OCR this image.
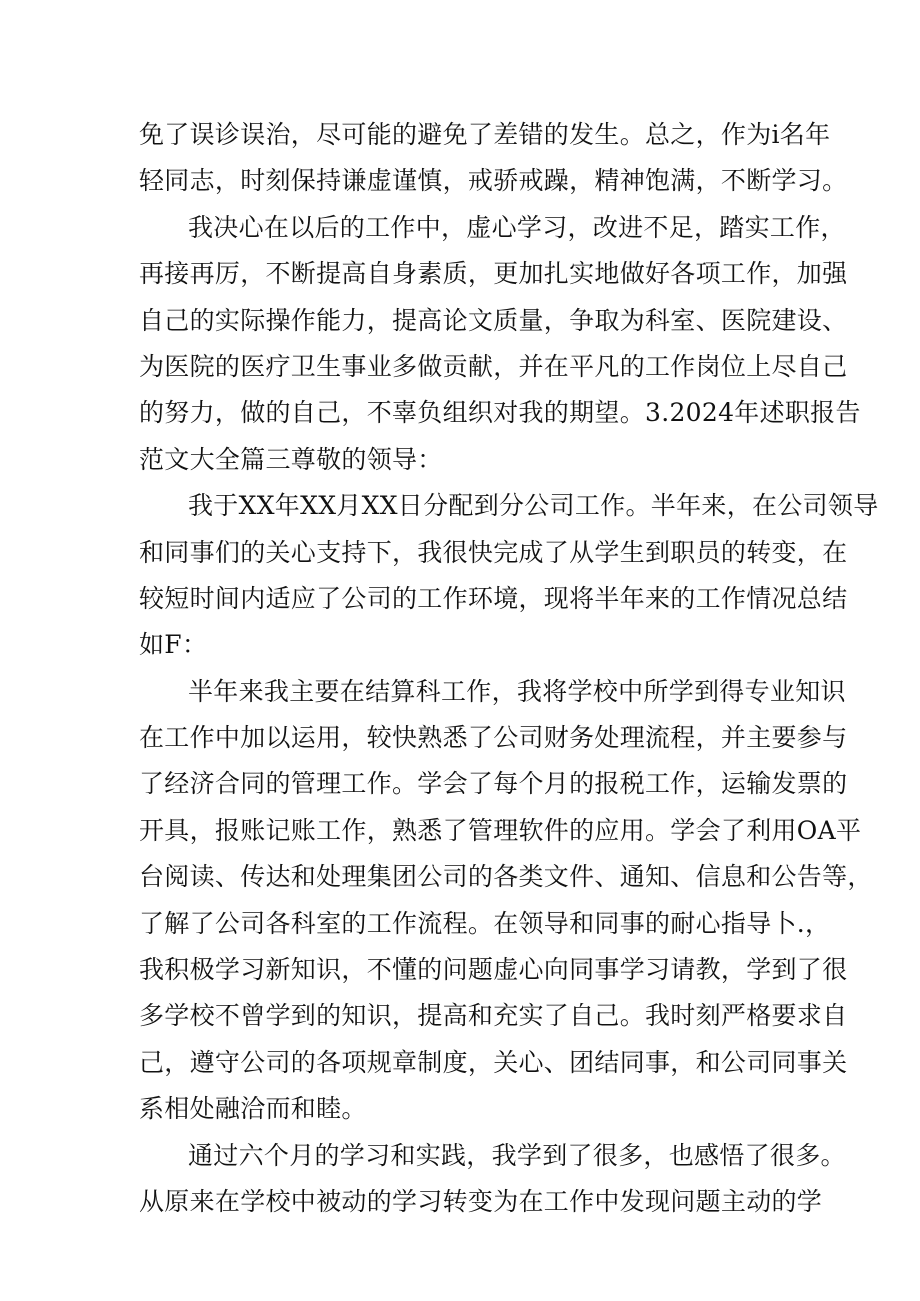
免了误诊误治，尽可能的避免了差错的发生。总之，作为i名年
轻同志，时刻保持谦虚谨慎，戒骄戒躁，精神饱满，不断学习。
我决心在以后的工作中，虚心学习，改进不足，踏实工作，
再接再厉，不断提高自身素质，更加扎实地做好各项工作，加强
自己的实际操作能力，提高论文质量，争取为科室、医院建设、
为医院的医疗卫生事业多做贡献，并在平凡的工作岗位上尽自己
的努力，做的自己，不辜负组织对我的期望。3.2024年述职报告
范文大全篇三尊敬的领导：
我于XX年XX月XX日分配到分公司工作。半年来，在公司领导
和同事们的关心支持下，我很快完成了从学生到职员的转变，在
较短时间内适应了公司的工作环境，现将半年来的工作情况总结
如F：
半年来我主要在结算科工作，我将学校中所学到得专业知识
在工作中加以运用，较快熟悉了公司财务处理流程，并主要参与
了经济合同的管理工作。学会了每个月的报税工作，运输发票的
开具，报账记账工作，熟悉了管理软件的应用。学会了利用OA平
台阅读、传达和处理集团公司的各类文件、通知、信息和公告等，
了解了公司各科室的工作流程。在领导和同事的耐心指导卜.，
我积极学习新知识，不懂的问题虚心向同事学习请教，学到了很
多学校不曾学到的知识，提高和充实了自己。我时刻严格要求自
己，遵守公司的各项规章制度，关心、团结同事，和公司同事关
系相处融洽而和睦。
通过六个月的学习和实践，我学到了很多，也感悟了很多。
从原来在学校中被动的学习转变为在工作中发现问题主动的学
